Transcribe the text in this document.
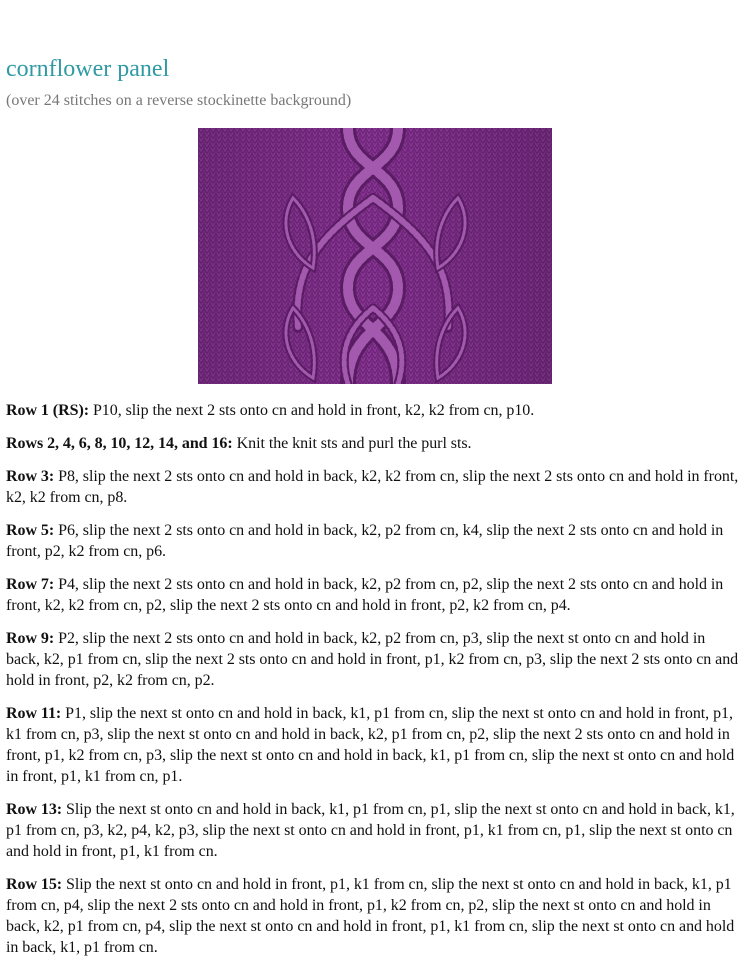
cornflower panel

(over 24 stitches on a reverse stockinette background)

Row 1 (RS): P10, slip the next 2 sts onto cn and hold in front, k2, k2 from cn, p10.
Rows 2, 4, 6, 8, 10, 12, 14, and 16: Knit the knit sts and purl the purl sts.
Row 3: P8, slip the next 2 sts onto cn and hold in back, k2, k2 from cn, slip the next 2 sts onto cn and hold in front, k2, k2 from cn, p8.
Row 5: P6, slip the next 2 sts onto cn and hold in back, k2, p2 from cn, k4, slip the next 2 sts onto cn and hold in front, p2, k2 from cn, p6.
Row 7: P4, slip the next 2 sts onto cn and hold in back, k2, p2 from cn, p2, slip the next 2 sts onto cn and hold in front, k2, k2 from cn, p2, slip the next 2 sts onto cn and hold in front, p2, k2 from cn, p4.
Row 9: P2, slip the next 2 sts onto cn and hold in back, k2, p2 from cn, p3, slip the next st onto cn and hold in back, k2, p1 from cn, slip the next 2 sts onto cn and hold in front, p1, k2 from cn, p3, slip the next 2 sts onto cn and hold in front, p2, k2 from cn, p2.
Row 11: P1, slip the next st onto cn and hold in back, k1, p1 from cn, slip the next st onto cn and hold in front, p1, k1 from cn, p3, slip the next st onto cn and hold in back, k2, p1 from cn, p2, slip the next 2 sts onto cn and hold in front, p1, k2 from cn, p3, slip the next st onto cn and hold in back, k1, p1 from cn, slip the next st onto cn and hold in front, p1, k1 from cn, p1.
Row 13: Slip the next st onto cn and hold in back, k1, p1 from cn, p1, slip the next st onto cn and hold in back, k1, p1 from cn, p3, k2, p4, k2, p3, slip the next st onto cn and hold in front, p1, k1 from cn, p1, slip the next st onto cn and hold in front, p1, k1 from cn.
Row 15: Slip the next st onto cn and hold in front, p1, k1 from cn, slip the next st onto cn and hold in back, k1, p1 from cn, p4, slip the next 2 sts onto cn and hold in front, p1, k2 from cn, p2, slip the next st onto cn and hold in back, k2, p1 from cn, p4, slip the next st onto cn and hold in front, p1, k1 from cn, slip the next st onto cn and hold in back, k1, p1 from cn.
